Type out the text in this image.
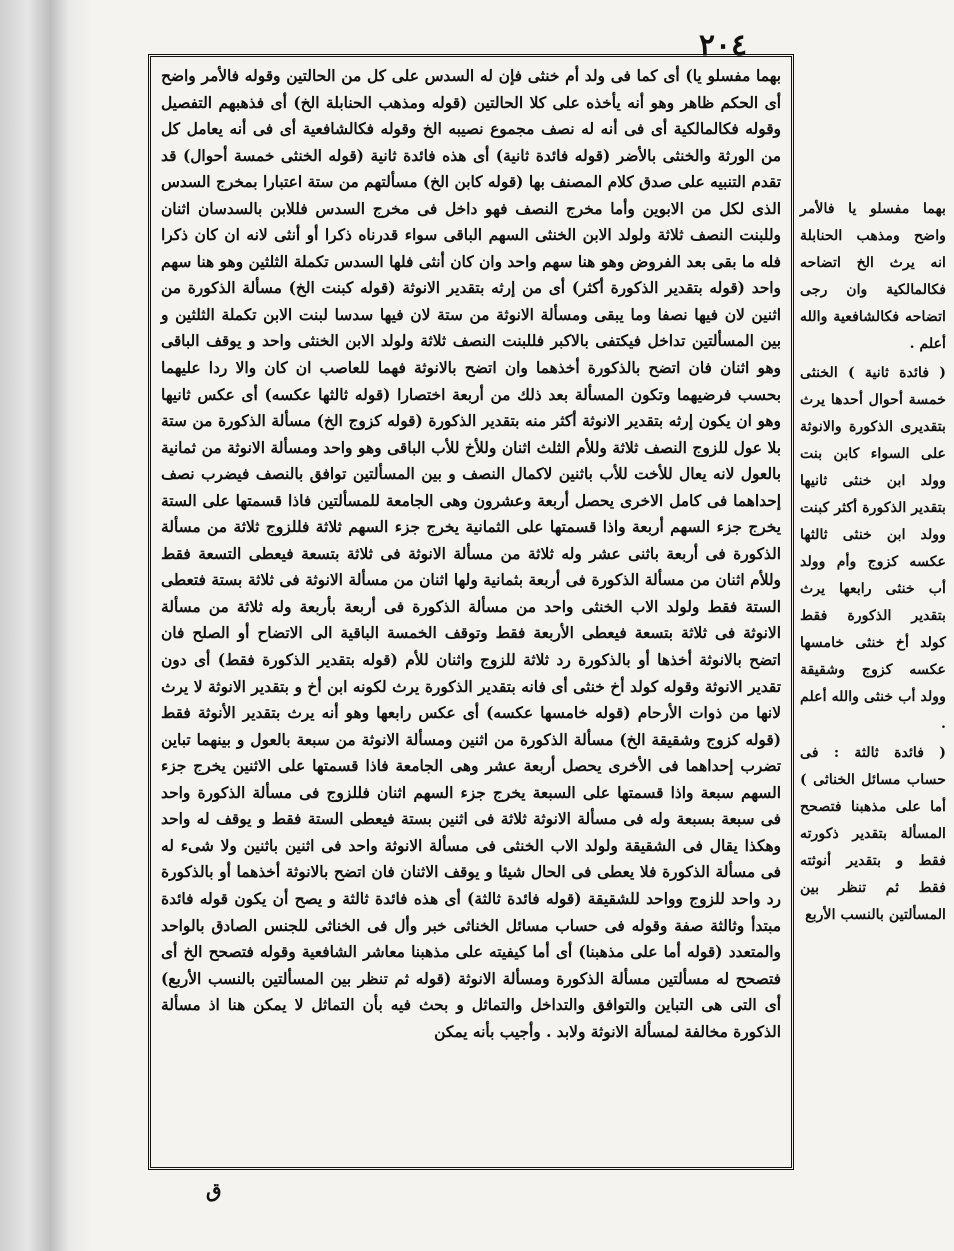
٢٠٤

بهما مفسلو يا) أى كما فى ولد أم خنثى فإن له السدس على كل من الحالتين وقوله فالأمر واضح أى الحكم ظاهر وهو أنه يأخذه على كلا الحالتين (قوله ومذهب الحنابلة الخ) أى فذهبهم التفصيل وقوله فكالمالكية أى فى أنه له نصف مجموع نصيبه الخ وقوله فكالشافعية أى فى أنه يعامل كل من الورثة والخنثى بالأضر (قوله فائدة ثانية) أى هذه فائدة ثانية (قوله الخنثى خمسة أحوال) قد تقدم التنبيه على صدق كلام المصنف بها (قوله كابن الخ) مسألتهم من ستة اعتبارا بمخرج السدس الذى لكل من الابوين وأما مخرج النصف فهو داخل فى مخرج السدس فللابن بالسدسان اثنان وللبنت النصف ثلاثة ولولد الابن الخنثى السهم الباقى سواء قدرناه ذكرا أو أنثى لانه ان كان ذكرا فله ما بقى بعد الفروض وهو هنا سهم واحد وان كان أنثى فلها السدس تكملة الثلثين وهو هنا سهم واحد (قوله بتقدير الذكورة أكثر) أى من إرثه بتقدير الانوثة (قوله كبنت الخ) مسألة الذكورة من اثنين لان فيها نصفا وما يبقى ومسألة الانوثة من ستة لان فيها سدسا لبنت الابن تكملة الثلثين و بين المسألتين تداخل فيكتفى بالاكبر فللبنت النصف ثلاثة ولولد الابن الخنثى واحد و يوقف الباقى وهو اثنان فان اتضح بالذكورة أخذهما وان اتضح بالانوثة فهما للعاصب ان كان والا ردا عليهما بحسب فرضيهما وتكون المسألة بعد ذلك من أربعة اختصارا (قوله ثالثها عكسه) أى عكس ثانيها وهو ان يكون إرثه بتقدير الانوثة أكثر منه بتقدير الذكورة (قوله كزوج الخ) مسألة الذكورة من ستة بلا عول للزوج النصف ثلاثة وللأم الثلث اثنان وللأخ للأب الباقى وهو واحد ومسألة الانوثة من ثمانية بالعول لانه يعال للأخت للأب باثنين لاكمال النصف و بين المسألتين توافق بالنصف فيضرب نصف إحداهما فى كامل الاخرى يحصل أربعة وعشرون وهى الجامعة للمسألتين فاذا قسمتها على الستة يخرج جزء السهم أربعة واذا قسمتها على الثمانية يخرج جزء السهم ثلاثة فللزوج ثلاثة من مسألة الذكورة فى أربعة باثنى عشر وله ثلاثة من مسألة الانوثة فى ثلاثة بتسعة فيعطى التسعة فقط وللأم اثنان من مسألة الذكورة فى أربعة بثمانية ولها اثنان من مسألة الانوثة فى ثلاثة بستة فتعطى الستة فقط ولولد الاب الخنثى واحد من مسألة الذكورة فى أربعة بأربعة وله ثلاثة من مسألة الانوثة فى ثلاثة بتسعة فيعطى الأربعة فقط وتوقف الخمسة الباقية الى الاتضاح أو الصلح فان اتضح بالانوثة أخذها أو بالذكورة رد ثلاثة للزوج واثنان للأم (قوله بتقدير الذكورة فقط) أى دون تقدير الانوثة وقوله كولد أخ خنثى أى فانه بتقدير الذكورة يرث لكونه ابن أخ و بتقدير الانوثة لا يرث لانها من ذوات الأرحام (قوله خامسها عكسه) أى عكس رابعها وهو أنه يرث بتقدير الأنوثة فقط (قوله كزوج وشقيقة الخ) مسألة الذكورة من اثنين ومسألة الانوثة من سبعة بالعول و بينهما تباين تضرب إحداهما فى الأخرى يحصل أربعة عشر وهى الجامعة فاذا قسمتها على الاثنين يخرج جزء السهم سبعة واذا قسمتها على السبعة يخرج جزء السهم اثنان فللزوج فى مسألة الذكورة واحد فى سبعة بسبعة وله فى مسألة الانوثة ثلاثة فى اثنين بستة فيعطى الستة فقط و يوقف له واحد وهكذا يقال فى الشقيقة ولولد الاب الخنثى فى مسألة الانوثة واحد فى اثنين باثنين ولا شىء له فى مسألة الذكورة فلا يعطى فى الحال شيئا و يوقف الاثنان فان اتضح بالانوثة أخذهما أو بالذكورة رد واحد للزوج وواحد للشقيقة (قوله فائدة ثالثة) أى هذه فائدة ثالثة و يصح أن يكون قوله فائدة مبتدأ وثالثة صفة وقوله فى حساب مسائل الخناثى خبر وأل فى الخناثى للجنس الصادق بالواحد والمتعدد (قوله أما على مذهبنا) أى أما كيفيته على مذهبنا معاشر الشافعية وقوله فتصحح الخ أى فتصحح له مسألتين مسألة الذكورة ومسألة الانوثة (قوله ثم تنظر بين المسألتين بالنسب الأربع) أى التى هى التباين والتوافق والتداخل والتماثل و بحث فيه بأن التماثل لا يمكن هنا اذ مسألة الذكورة مخالفة لمسألة الانوثة ولابد . وأجيب بأنه يمكن

بهما مفسلو يا فالأمر واضح ومذهب الحنابلة انه يرث الخ اتضاحه فكالمالكية وان رجى اتضاحه فكالشافعية والله أعلم .

( فائدة ثانية ) الخنثى خمسة أحوال أحدها يرث بتقديرى الذكورة والانوثة على السواء كابن بنت وولد ابن خنثى ثانيها بتقدير الذكورة أكثر كبنت وولد ابن خنثى ثالثها عكسه كزوج وأم وولد أب خنثى رابعها يرث بتقدير الذكورة فقط كولد أخ خنثى خامسها عكسه كزوج وشقيقة وولد أب خنثى والله أعلم .

( فائدة ثالثة : فى حساب مسائل الخناثى ) أما على مذهبنا فتصحح المسألة بتقدير ذكورته فقط و بتقدير أنوثته فقط ثم تنظر بين المسألتين بالنسب الأربع

ق
